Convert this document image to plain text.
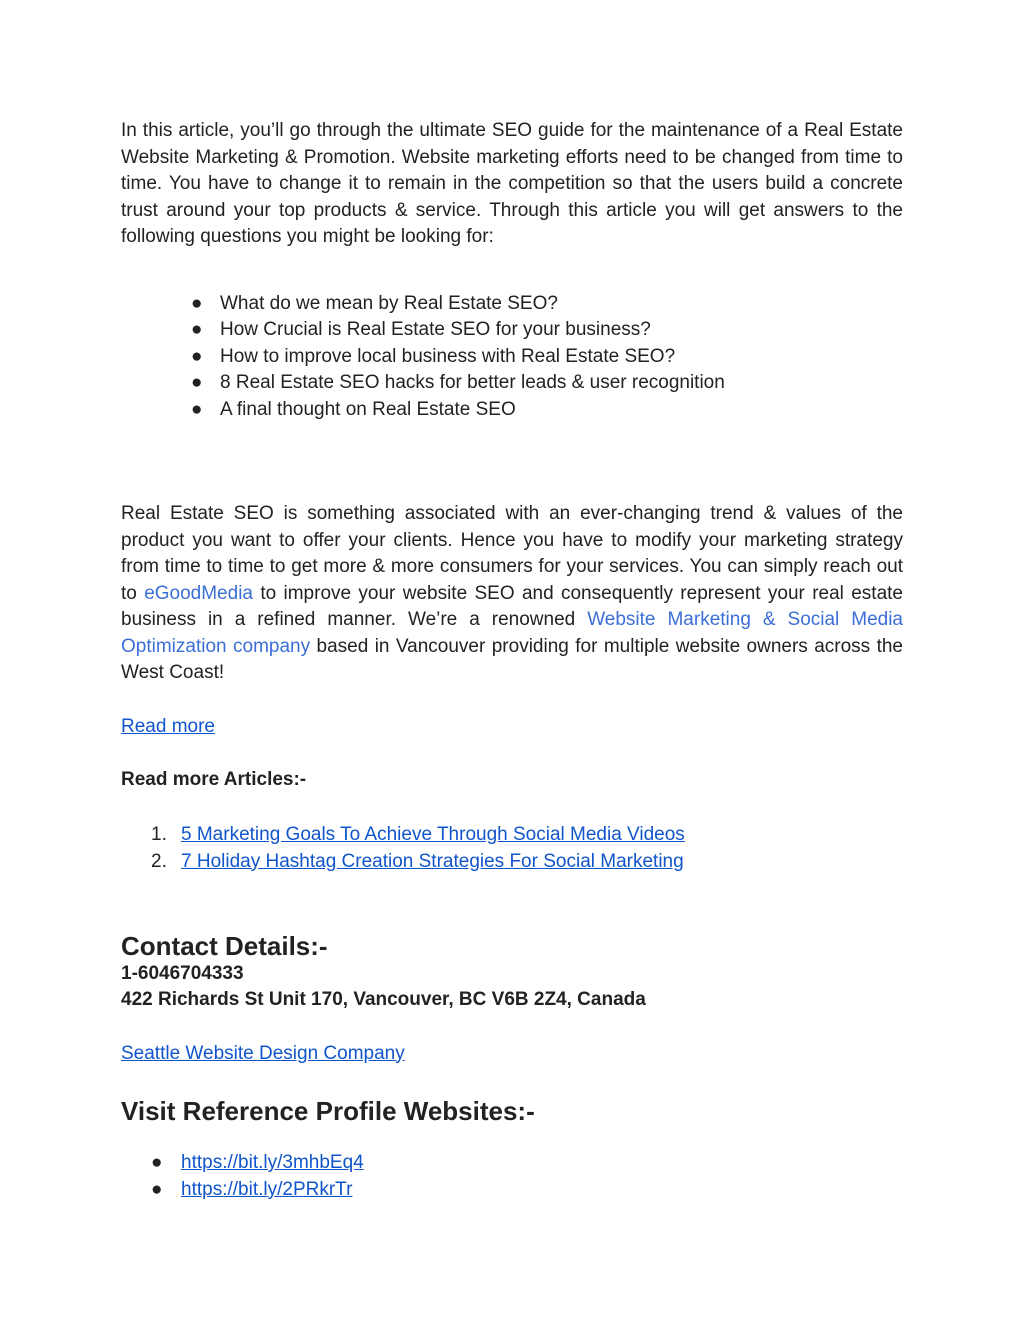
In this article, you’ll go through the ultimate SEO guide for the maintenance of a Real Estate Website Marketing & Promotion. Website marketing efforts need to be changed from time to time. You have to change it to remain in the competition so that the users build a concrete trust around your top products & service. Through this article you will get answers to the following questions you might be looking for:

● What do we mean by Real Estate SEO?
● How Crucial is Real Estate SEO for your business?
● How to improve local business with Real Estate SEO?
● 8 Real Estate SEO hacks for better leads & user recognition
● A final thought on Real Estate SEO

Real Estate SEO is something associated with an ever-changing trend & values of the product you want to offer your clients. Hence you have to modify your marketing strategy from time to time to get more & more consumers for your services. You can simply reach out to eGoodMedia to improve your website SEO and consequently represent your real estate business in a refined manner. We’re a renowned Website Marketing & Social Media Optimization company based in Vancouver providing for multiple website owners across the West Coast!

Read more

Read more Articles:-

1. 5 Marketing Goals To Achieve Through Social Media Videos
2. 7 Holiday Hashtag Creation Strategies For Social Marketing
Contact Details:-

1-6046704333

422 Richards St Unit 170, Vancouver, BC V6B 2Z4, Canada

Seattle Website Design Company

Visit Reference Profile Websites:-
● https://bit.ly/3mhbEq4
● https://bit.ly/2PRkrTr
